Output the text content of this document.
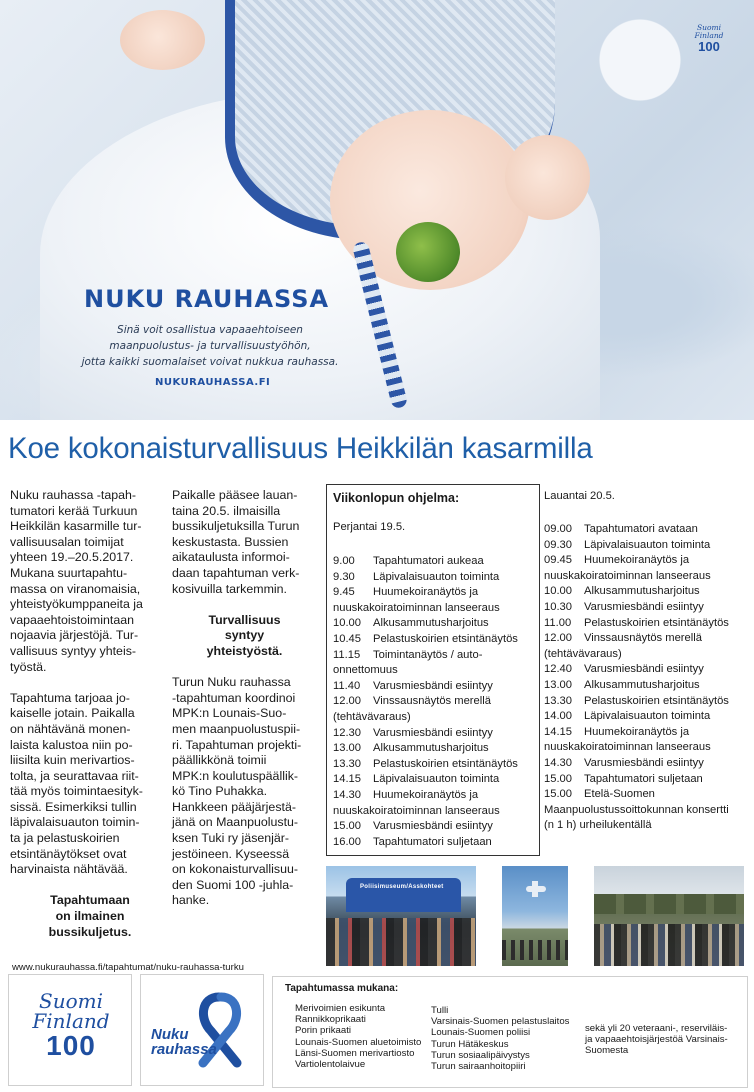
NUKU RAUHASSA
Sinä voit osallistua vapaaehtoiseen
maanpuolustus- ja turvallisuustyöhön,
jotta kaikki suomalaiset voivat nukkua rauhassa.
NUKURAUHASSA.FI
Suomi Finland
100
Koe kokonaisturvallisuus Heikkilän kasarmilla

Nuku rauhassa -tapah-
tumatori kerää Turkuun
Heikkilän kasarmille tur-
vallisuusalan toimijat
yhteen 19.–20.5.2017.
Mukana suurtapahtu-
massa on viranomaisia,
yhteistyökumppaneita ja
vapaaehtoistoimintaan
nojaavia järjestöjä. Tur-
vallisuus syntyy yhteis-
työstä.

Tapahtuma tarjoaa jo-
kaiselle jotain. Paikalla
on nähtävänä monen-
laista kalustoa niin po-
liisilta kuin merivartios-
tolta, ja seurattavaa riit-
tää myös toimintaesityk-
sissä. Esimerkiksi tullin
läpivalaisuauton toimin-
ta ja pelastuskoirien
etsintänäytökset ovat
harvinaista nähtävää.

Tapahtumaan
on ilmainen
bussikuljetus.

Paikalle pääsee lauan-
taina 20.5. ilmaisilla
bussikuljetuksilla Turun
keskustasta. Bussien
aikataulusta informoi-
daan tapahtuman verk-
kosivuilla tarkemmin.

Turvallisuus
syntyy
yhteistyöstä.

Turun Nuku rauhassa
-tapahtuman koordinoi
MPK:n Lounais-Suo-
men maanpuolustuspii-
ri. Tapahtuman projekti-
päällikkönä toimii
MPK:n koulutuspäällik-
kö Tino Puhakka.
Hankkeen pääjärjestä-
jänä on Maanpuolustu-
ksen Tuki ry jäsenjär-
jestöineen. Kyseessä
on kokonaisturvallisuu-
den Suomi 100 -juhla-
hanke.

Viikonlopun ohjelma:
Perjantai 19.5.
9.00 Tapahtumatori aukeaa
9.30 Läpivalaisuauton toiminta
9.45 Huumekoiranäytös ja
nuuskakoiratoiminnan lanseeraus
10.00 Alkusammutusharjoitus
10.45 Pelastuskoirien etsintänäytös
11.15 Toimintanäytös / auto-
onnettomuus
11.40 Varusmiesbändi esiintyy
12.00 Vinssausnäytös merellä
(tehtävävaraus)
12.30 Varusmiesbändi esiintyy
13.00 Alkusammutusharjoitus
13.30 Pelastuskoirien etsintänäytös
14.15 Läpivalaisuauton toiminta
14.30 Huumekoiranäytös ja
nuuskakoiratoiminnan lanseeraus
15.00 Varusmiesbändi esiintyy
16.00 Tapahtumatori suljetaan
Lauantai 20.5.
09.00 Tapahtumatori avataan
09.30 Läpivalaisuauton toiminta
09.45 Huumekoiranäytös ja
nuuskakoiratoiminnan lanseeraus
10.00 Alkusammutusharjoitus
10.30 Varusmiesbändi esiintyy
11.00 Pelastuskoirien etsintänäytös
12.00 Vinssausnäytös merellä
(tehtävävaraus)
12.40 Varusmiesbändi esiintyy
13.00 Alkusammutusharjoitus
13.30 Pelastuskoirien etsintänäytös
14.00 Läpivalaisuauton toiminta
14.15 Huumekoiranäytös ja
nuuskakoiratoiminnan lanseeraus
14.30 Varusmiesbändi esiintyy
15.00 Tapahtumatori suljetaan
15.00 Etelä-Suomen
Maanpuolustussoittokunnan konsertti
(n 1 h) urheilukentällä
Poliisimuseum/Asskohteet
www.nukurauhassa.fi/tapahtumat/nuku-rauhassa-turku
Suomi
Finland
100	Nuku
rauhassa
Tapahtumassa mukana:
Merivoimien esikunta
Rannikkoprikaati
Porin prikaati
Lounais-Suomen aluetoimisto
Länsi-Suomen merivartiosto
Vartiolentolaivue
Tulli
Varsinais-Suomen pelastuslaitos
Lounais-Suomen poliisi
Turun Hätäkeskus
Turun sosiaalipäivystys
Turun sairaanhoitopiiri
sekä yli 20 veteraani-, reserviläis-
ja vapaaehtoisjärjestöä Varsinais-
Suomesta
